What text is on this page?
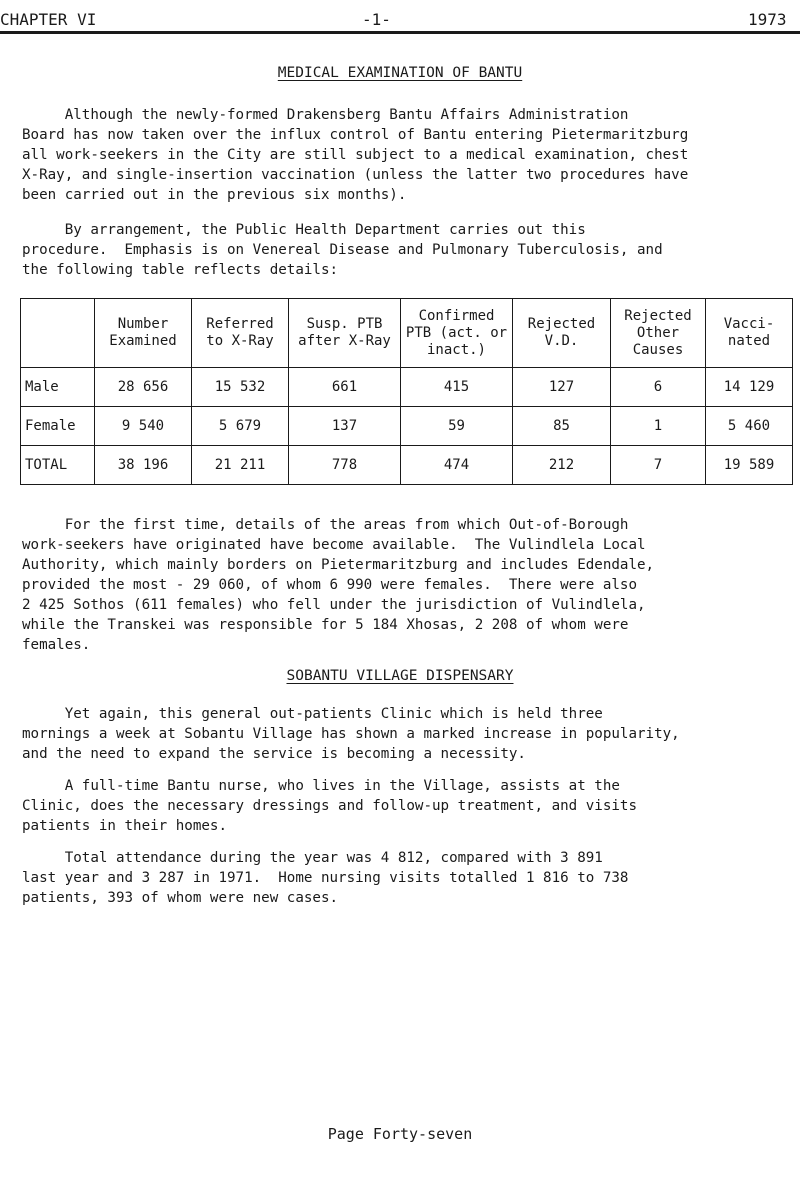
CHAPTER VI	-1-	1973
MEDICAL EXAMINATION OF BANTU

Although the newly-formed Drakensberg Bantu Affairs Administration
Board has now taken over the influx control of Bantu entering Pietermaritzburg
all work-seekers in the City are still subject to a medical examination, chest
X-Ray, and single-insertion vaccination (unless the latter two procedures have
been carried out in the previous six months).

By arrangement, the Public Health Department carries out this
procedure.  Emphasis is on Venereal Disease and Pulmonary Tuberculosis, and
the following table reflects details:

	Number Examined	Referred to X-Ray	Susp. PTB after X-Ray	Confirmed PTB (act. or inact.)	Rejected V.D.	Rejected Other Causes	Vacci- nated
Male	28 656	15 532	661	415	127	6	14 129
Female	9 540	5 679	137	59	85	1	5 460
TOTAL	38 196	21 211	778	474	212	7	19 589

For the first time, details of the areas from which Out-of-Borough
work-seekers have originated have become available.  The Vulindlela Local
Authority, which mainly borders on Pietermaritzburg and includes Edendale,
provided the most - 29 060, of whom 6 990 were females.  There were also
2 425 Sothos (611 females) who fell under the jurisdiction of Vulindlela,
while the Transkei was responsible for 5 184 Xhosas, 2 208 of whom were
females.

SOBANTU VILLAGE DISPENSARY

Yet again, this general out-patients Clinic which is held three
mornings a week at Sobantu Village has shown a marked increase in popularity,
and the need to expand the service is becoming a necessity.

A full-time Bantu nurse, who lives in the Village, assists at the
Clinic, does the necessary dressings and follow-up treatment, and visits
patients in their homes.

Total attendance during the year was 4 812, compared with 3 891
last year and 3 287 in 1971.  Home nursing visits totalled 1 816 to 738
patients, 393 of whom were new cases.

Page Forty-seven
